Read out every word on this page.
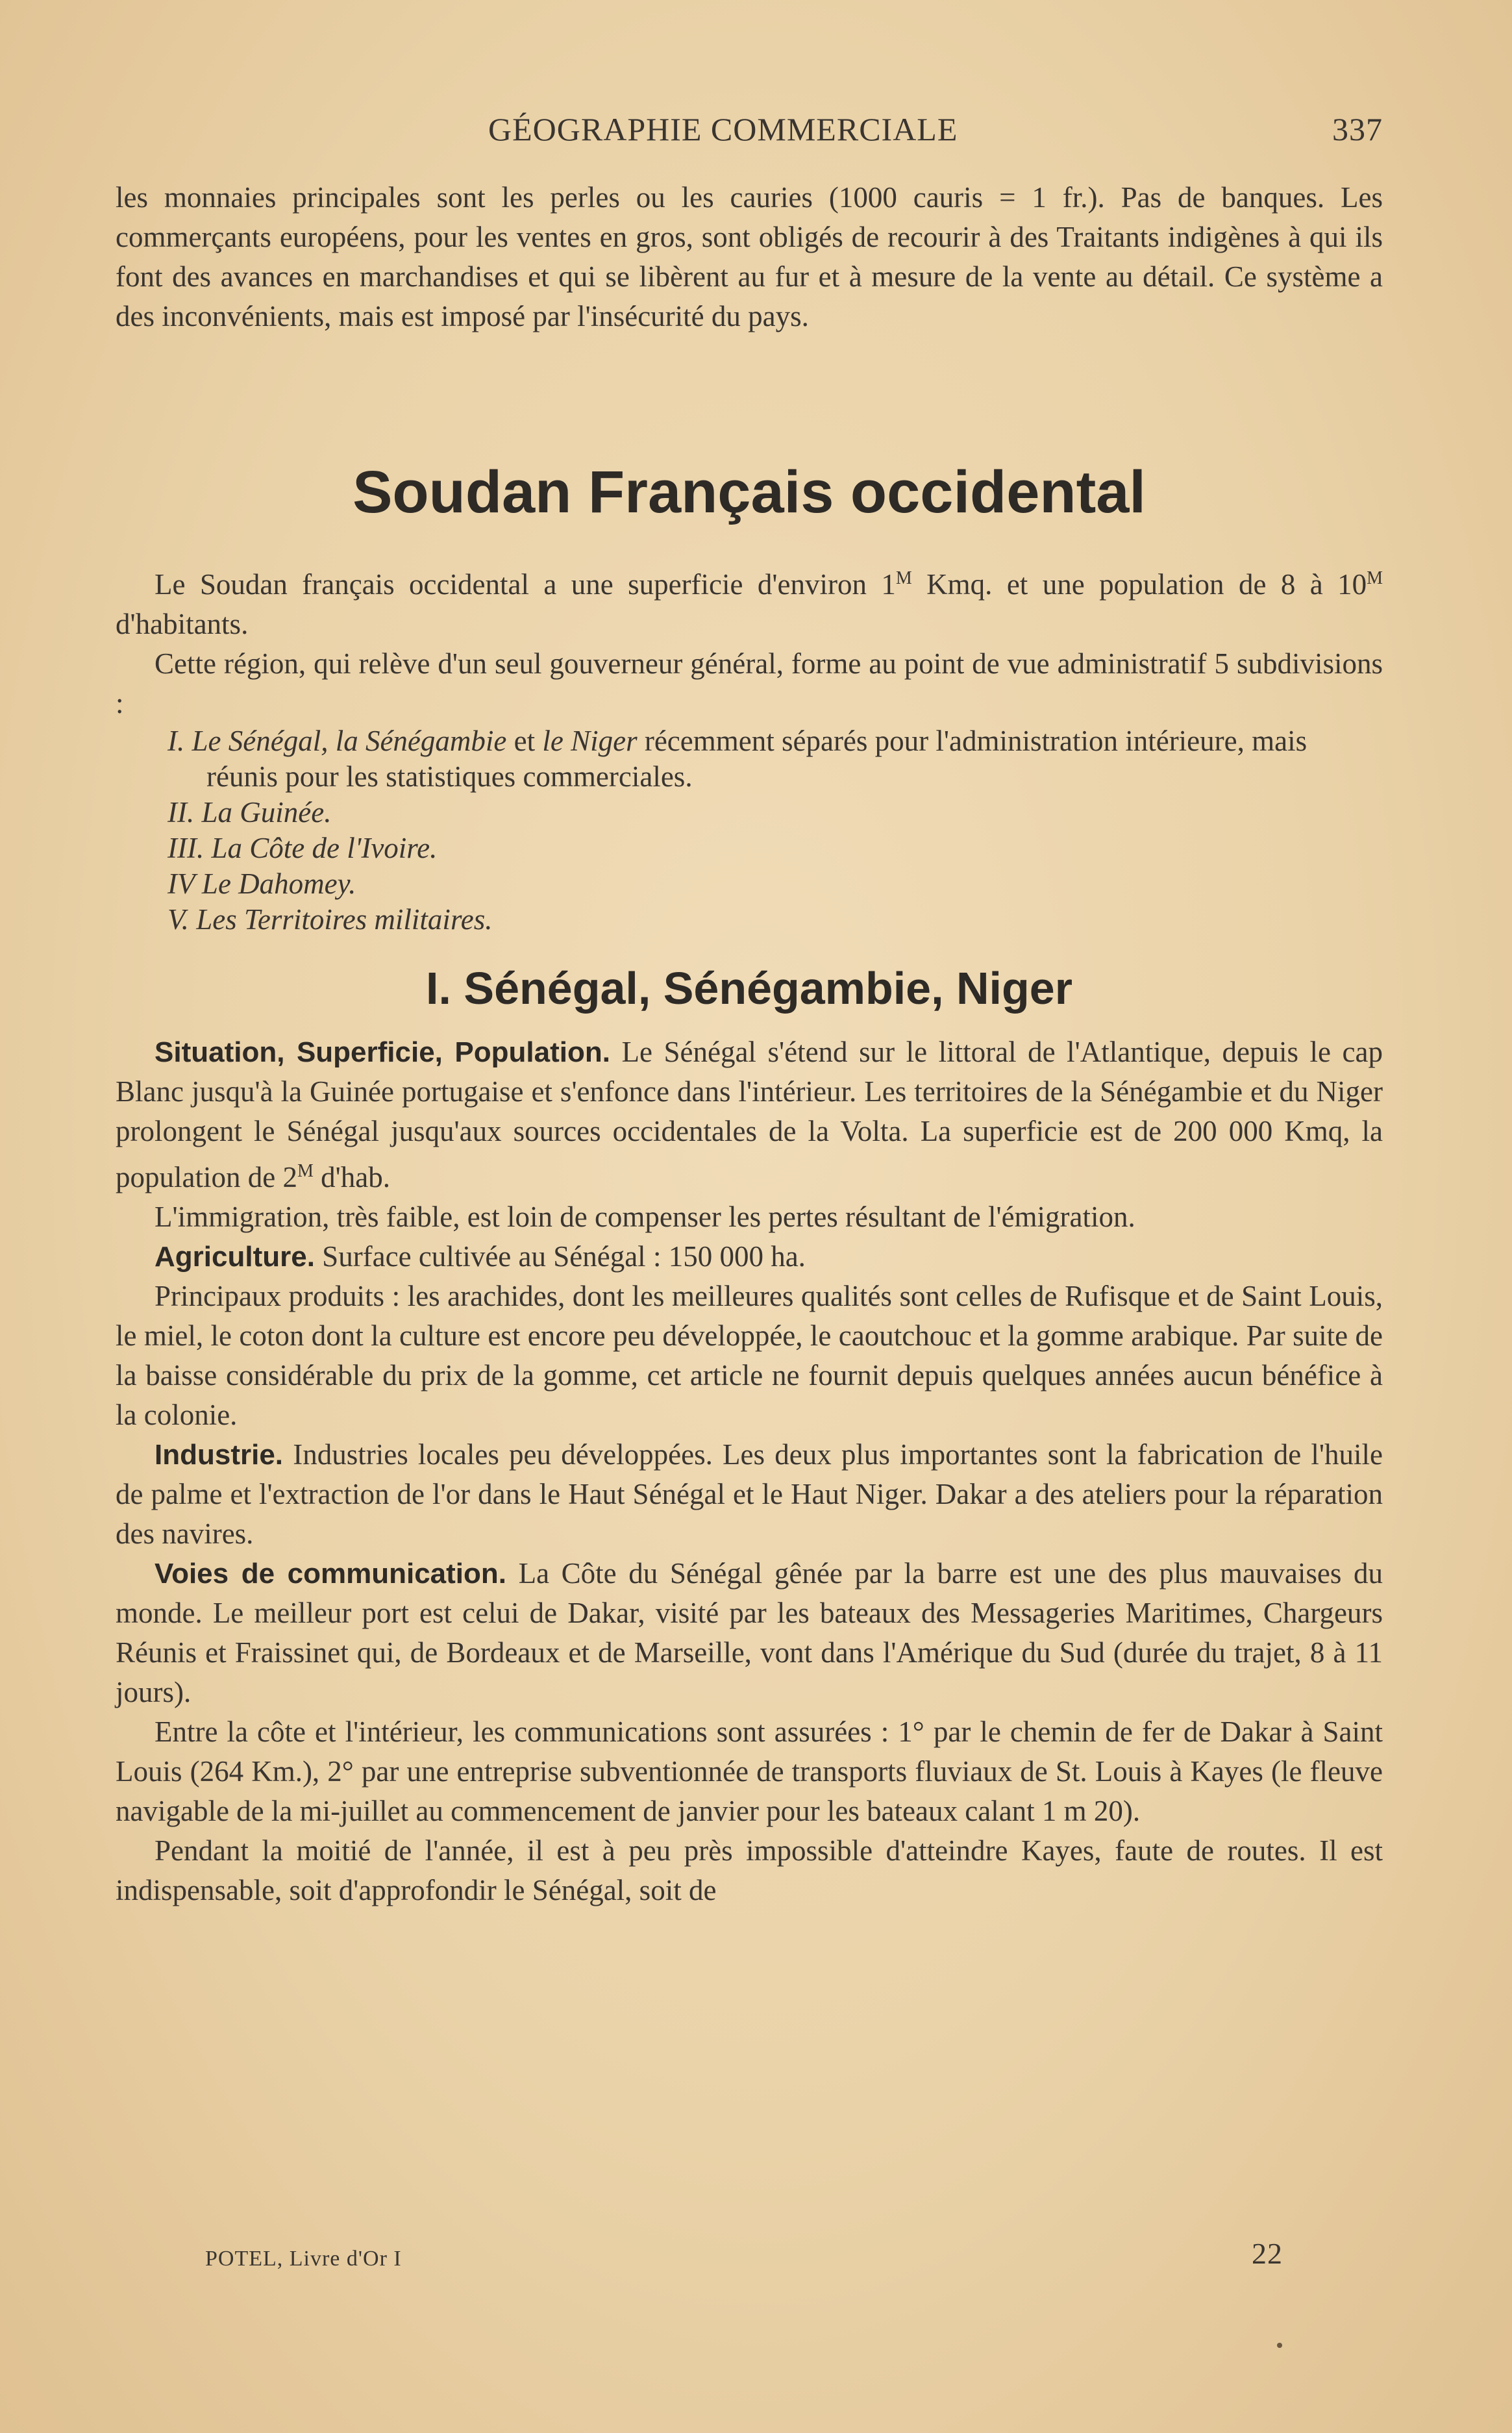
GÉOGRAPHIE COMMERCIALE	337

les monnaies principales sont les perles ou les cauries (1000 cauris = 1 fr.). Pas de banques. Les commerçants européens, pour les ventes en gros, sont obligés de recourir à des Traitants indigènes à qui ils font des avances en marchandises et qui se libèrent au fur et à mesure de la vente au détail. Ce système a des inconvénients, mais est imposé par l'insécurité du pays.

Soudan Français occidental

Le Soudan français occidental a une superficie d'environ $1^M$ Kmq. et une population de 8 à $10^M$ d'habitants.

Cette région, qui relève d'un seul gouverneur général, forme au point de vue administratif 5 subdivisions :

I. Le Sénégal, la Sénégambie et le Niger récemment séparés pour l'administration intérieure, mais réunis pour les statistiques commerciales.
II. La Guinée.
III. La Côte de l'Ivoire.
IV Le Dahomey.
V. Les Territoires militaires.
I. Sénégal, Sénégambie, Niger

Situation, Superficie, Population. Le Sénégal s'étend sur le littoral de l'Atlantique, depuis le cap Blanc jusqu'à la Guinée portugaise et s'enfonce dans l'intérieur. Les territoires de la Sénégambie et du Niger prolongent le Sénégal jusqu'aux sources occidentales de la Volta. La superficie est de 200 000 Kmq, la population de $2^M$ d'hab.

L'immigration, très faible, est loin de compenser les pertes résultant de l'émigration.

Agriculture. Surface cultivée au Sénégal : 150 000 ha.

Principaux produits : les arachides, dont les meilleures qualités sont celles de Rufisque et de Saint Louis, le miel, le coton dont la culture est encore peu développée, le caoutchouc et la gomme arabique. Par suite de la baisse considérable du prix de la gomme, cet article ne fournit depuis quelques années aucun bénéfice à la colonie.

Industrie. Industries locales peu développées. Les deux plus importantes sont la fabrication de l'huile de palme et l'extraction de l'or dans le Haut Sénégal et le Haut Niger. Dakar a des ateliers pour la réparation des navires.

Voies de communication. La Côte du Sénégal gênée par la barre est une des plus mauvaises du monde. Le meilleur port est celui de Dakar, visité par les bateaux des Messageries Maritimes, Chargeurs Réunis et Fraissinet qui, de Bordeaux et de Marseille, vont dans l'Amérique du Sud (durée du trajet, 8 à 11 jours).

Entre la côte et l'intérieur, les communications sont assurées : 1° par le chemin de fer de Dakar à Saint Louis (264 Km.), 2° par une entreprise subventionnée de transports fluviaux de St. Louis à Kayes (le fleuve navigable de la mi-juillet au commencement de janvier pour les bateaux calant 1 m 20).

Pendant la moitié de l'année, il est à peu près impossible d'atteindre Kayes, faute de routes. Il est indispensable, soit d'approfondir le Sénégal, soit de

POTEL, Livre d'Or I	22
